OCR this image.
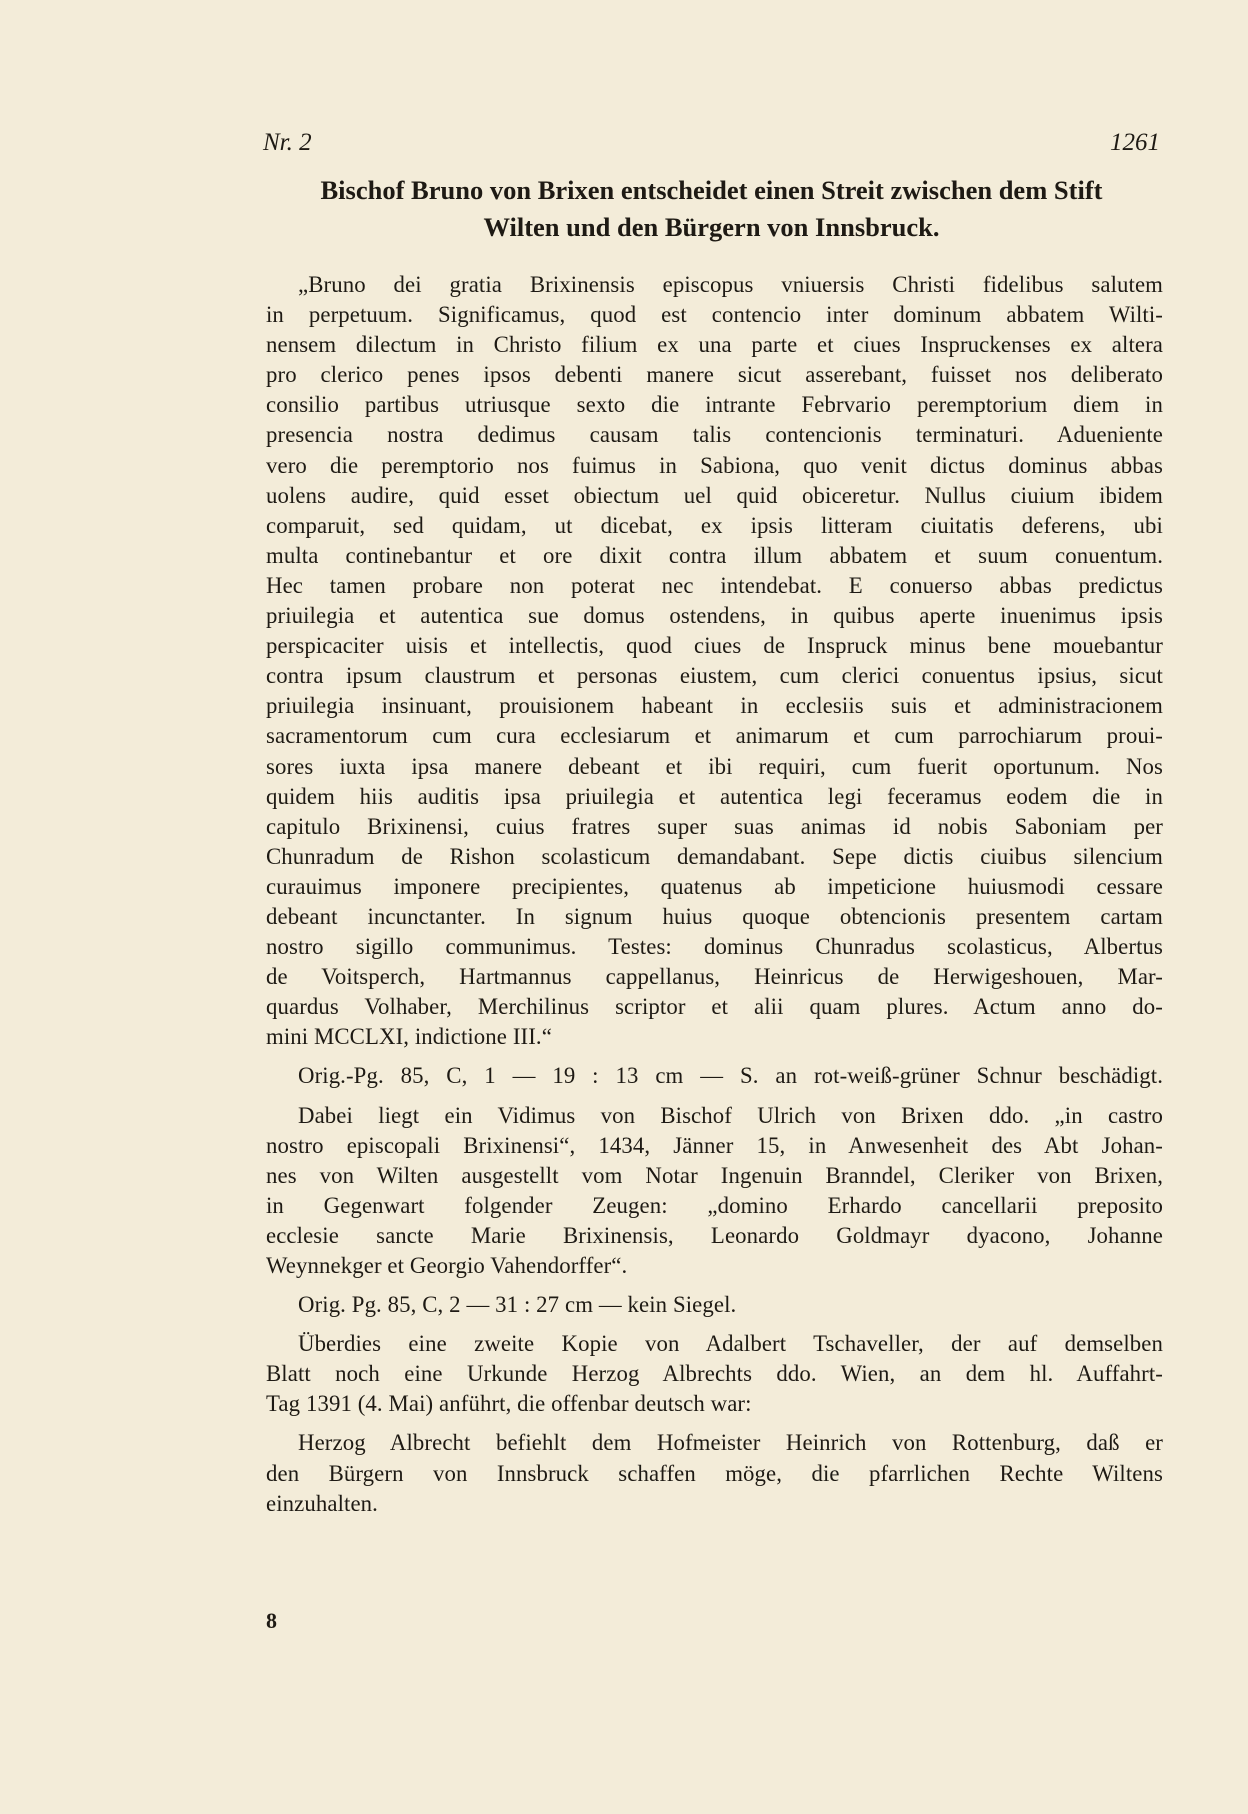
Nr. 2	1261
Bischof Bruno von Brixen entscheidet einen Streit zwischen dem Stift
Wilten und den Bürgern von Innsbruck.
„Bruno dei gratia Brixinensis episcopus vniuersis Christi fidelibus salutem
in perpetuum. Significamus, quod est contencio inter dominum abbatem Wilti-
nensem dilectum in Christo filium ex una parte et ciues Inspruckenses ex altera
pro clerico penes ipsos debenti manere sicut asserebant, fuisset nos deliberato
consilio partibus utriusque sexto die intrante Febrvario peremptorium diem in
presencia nostra dedimus causam talis contencionis terminaturi. Adueniente
vero die peremptorio nos fuimus in Sabiona, quo venit dictus dominus abbas
uolens audire, quid esset obiectum uel quid obiceretur. Nullus ciuium ibidem
comparuit, sed quidam, ut dicebat, ex ipsis litteram ciuitatis deferens, ubi
multa continebantur et ore dixit contra illum abbatem et suum conuentum.
Hec tamen probare non poterat nec intendebat. E conuerso abbas predictus
priuilegia et autentica sue domus ostendens, in quibus aperte inuenimus ipsis
perspicaciter uisis et intellectis, quod ciues de Inspruck minus bene mouebantur
contra ipsum claustrum et personas eiustem, cum clerici conuentus ipsius, sicut
priuilegia insinuant, prouisionem habeant in ecclesiis suis et administracionem
sacramentorum cum cura ecclesiarum et animarum et cum parrochiarum proui-
sores iuxta ipsa manere debeant et ibi requiri, cum fuerit oportunum. Nos
quidem hiis auditis ipsa priuilegia et autentica legi feceramus eodem die in
capitulo Brixinensi, cuius fratres super suas animas id nobis Saboniam per
Chunradum de Rishon scolasticum demandabant. Sepe dictis ciuibus silencium
curauimus imponere precipientes, quatenus ab impeticione huiusmodi cessare
debeant incunctanter. In signum huius quoque obtencionis presentem cartam
nostro sigillo communimus. Testes: dominus Chunradus scolasticus, Albertus
de Voitsperch, Hartmannus cappellanus, Heinricus de Herwigeshouen, Mar-
quardus Volhaber, Merchilinus scriptor et alii quam plures. Actum anno do-
mini MCCLXI, indictione III.“
Orig.-Pg. 85, C, 1 — 19 : 13 cm — S. an rot-weiß-grüner Schnur beschädigt.
Dabei liegt ein Vidimus von Bischof Ulrich von Brixen ddo. „in castro
nostro episcopali Brixinensi“, 1434, Jänner 15, in Anwesenheit des Abt Johan-
nes von Wilten ausgestellt vom Notar Ingenuin Branndel, Cleriker von Brixen,
in Gegenwart folgender Zeugen: „domino Erhardo cancellarii preposito
ecclesie sancte Marie Brixinensis, Leonardo Goldmayr dyacono, Johanne
Weynnekger et Georgio Vahendorffer“.
Orig. Pg. 85, C, 2 — 31 : 27 cm — kein Siegel.
Überdies eine zweite Kopie von Adalbert Tschaveller, der auf demselben
Blatt noch eine Urkunde Herzog Albrechts ddo. Wien, an dem hl. Auffahrt-
Tag 1391 (4. Mai) anführt, die offenbar deutsch war:
Herzog Albrecht befiehlt dem Hofmeister Heinrich von Rottenburg, daß er
den Bürgern von Innsbruck schaffen möge, die pfarrlichen Rechte Wiltens
einzuhalten.
8
